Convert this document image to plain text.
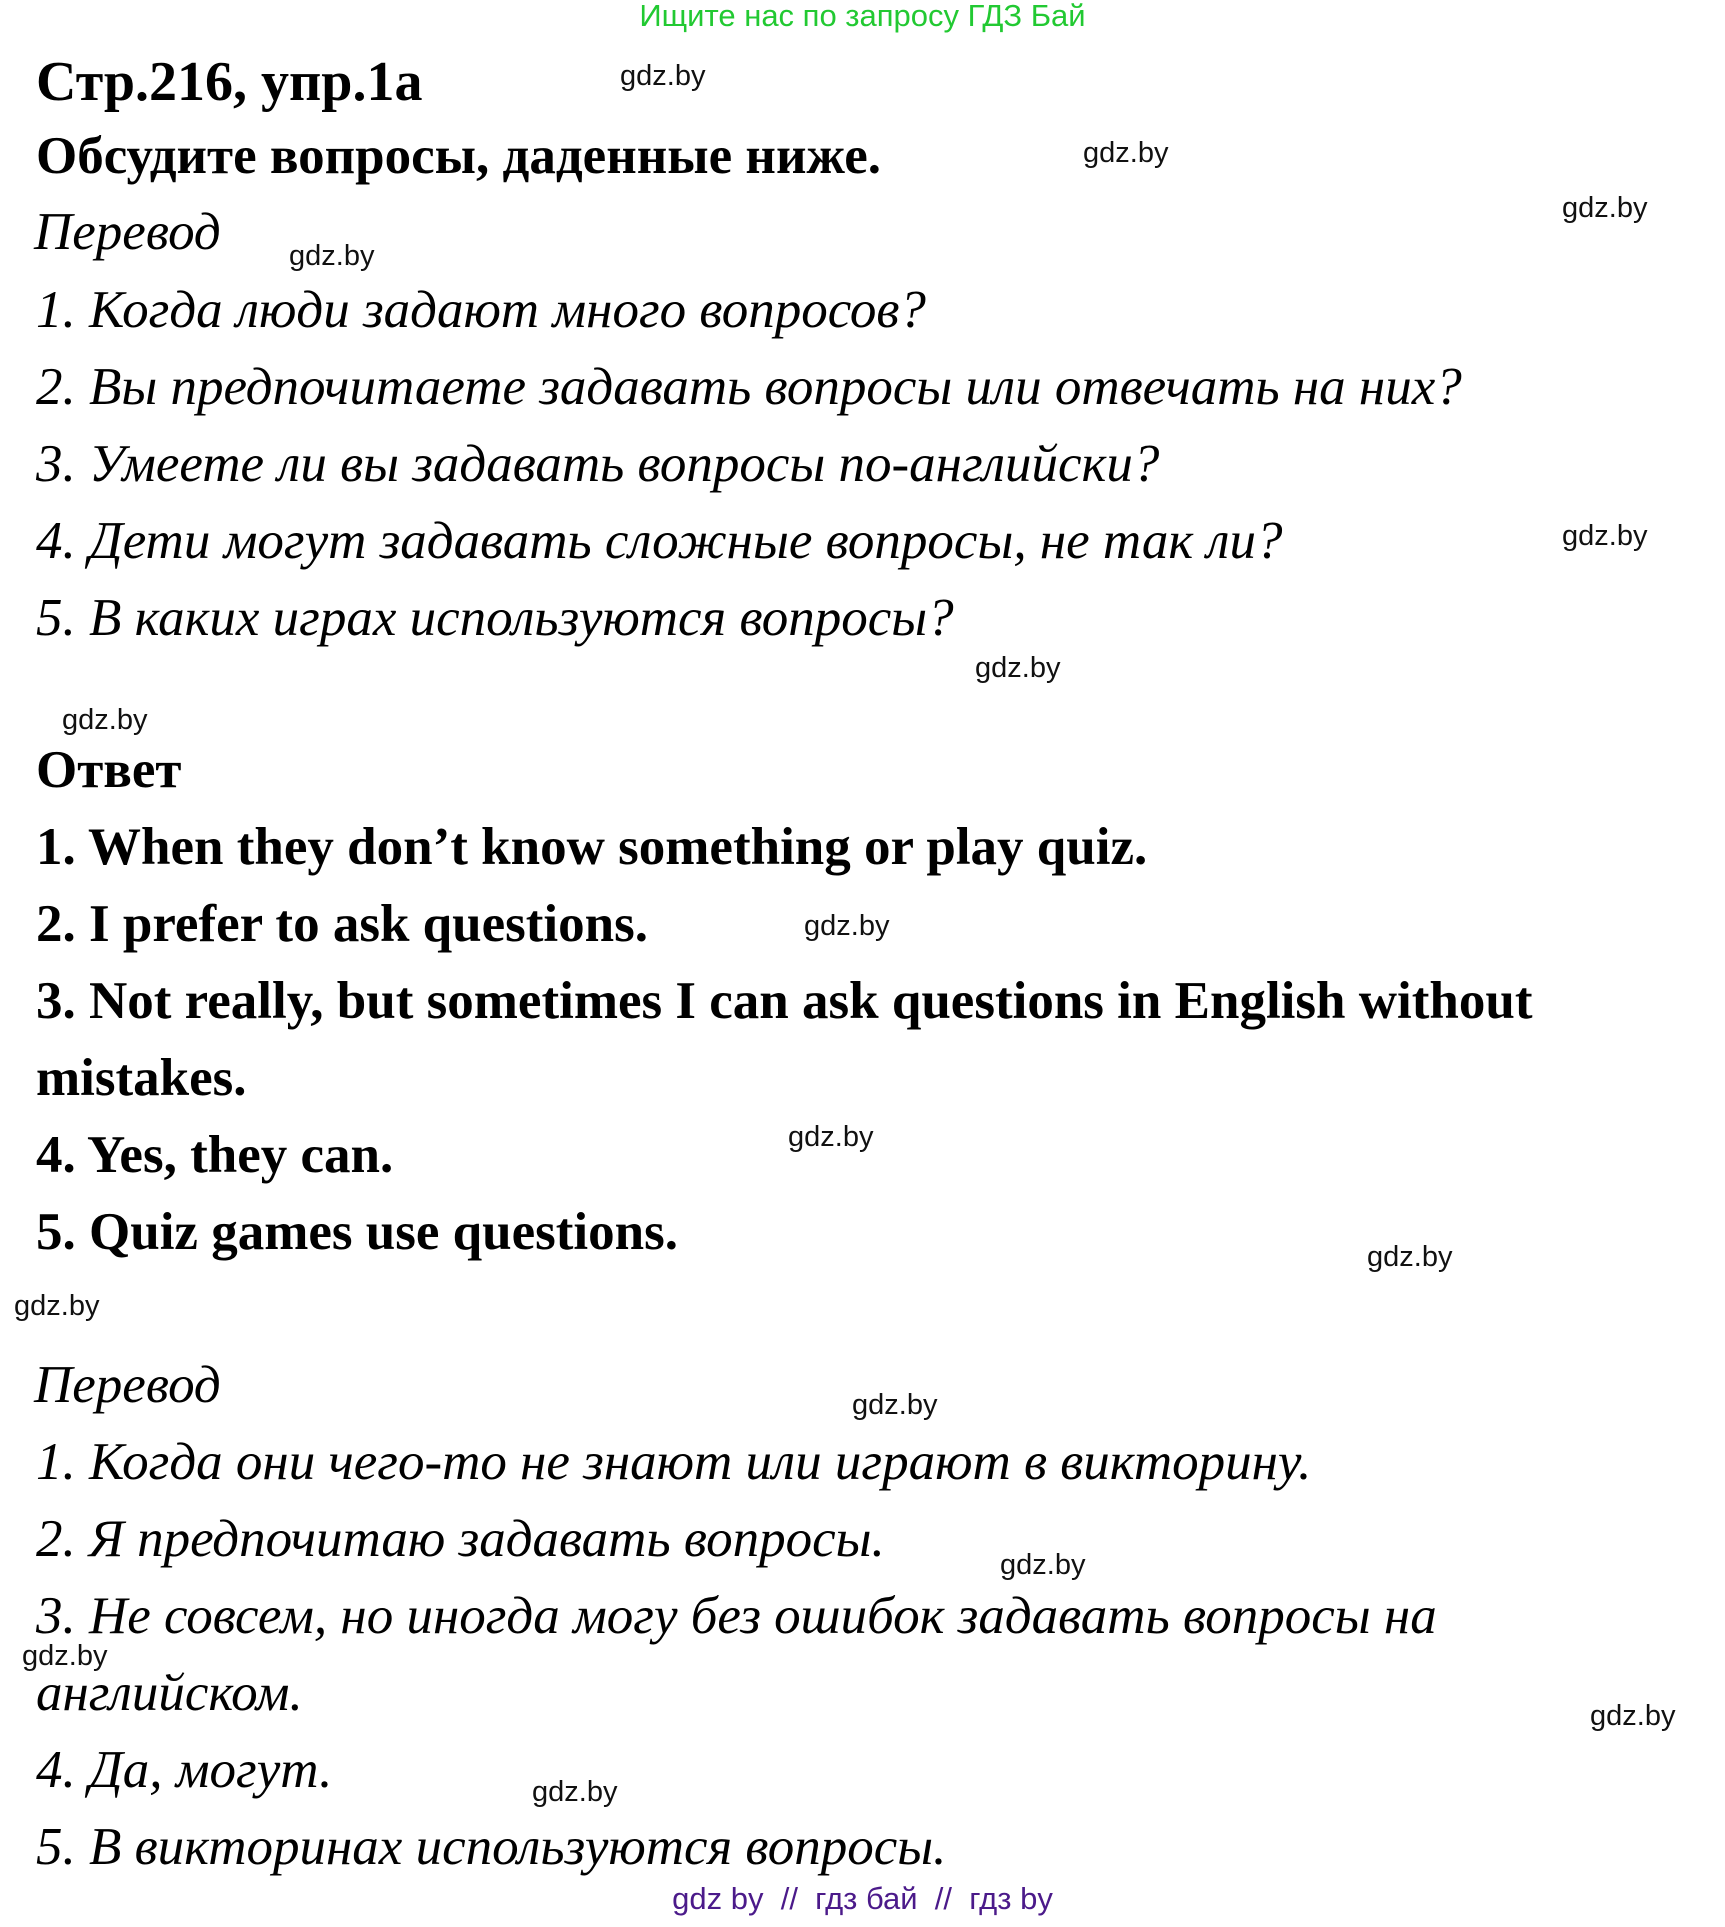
Ищите нас по запросу ГДЗ Бай
Стр.216, упр.1а
Обсудите вопросы, даденные ниже.
Перевод
1. Когда люди задают много вопросов?
2. Вы предпочитаете задавать вопросы или отвечать на них?
3. Умеете ли вы задавать вопросы по-английски?
4. Дети могут задавать сложные вопросы, не так ли?
5. В каких играх используются вопросы?
Ответ
1. When they don’t know something or play quiz.
2. I prefer to ask questions.
3. Not really, but sometimes I can ask questions in English without
mistakes.
4. Yes, they can.
5. Quiz games use questions.
Перевод
1. Когда они чего-то не знают или играют в викторину.
2. Я предпочитаю задавать вопросы.
3. Не совсем, но иногда могу без ошибок задавать вопросы на
английском.
4. Да, могут.
5. В викторинах используются вопросы.
gdz.by
gdz.by
gdz.by
gdz.by
gdz.by
gdz.by
gdz.by
gdz.by
gdz.by
gdz.by
gdz.by
gdz.by
gdz.by
gdz.by
gdz.by
gdz.by
gdz by  //  гдз бай  //  гдз by
